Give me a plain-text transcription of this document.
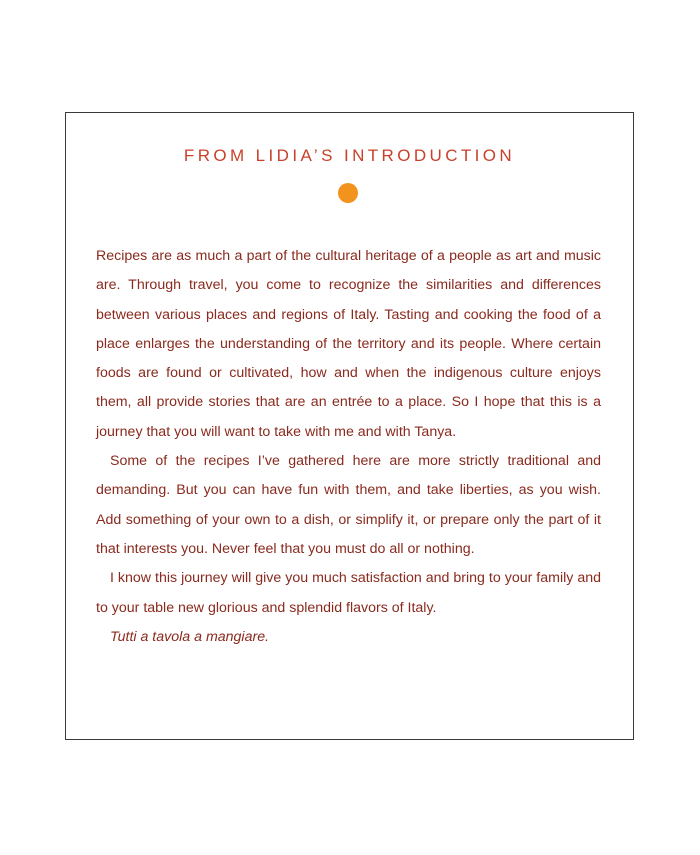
FROM LIDIA’S INTRODUCTION

Recipes are as much a part of the cultural heritage of a people as art and music are. Through travel, you come to recognize the similarities and differences between various places and regions of Italy. Tasting and cooking the food of a place enlarges the understanding of the territory and its people. Where certain foods are found or cultivated, how and when the indigenous culture enjoys them, all provide stories that are an entrée to a place. So I hope that this is a journey that you will want to take with me and with Tanya.

Some of the recipes I’ve gathered here are more strictly traditional and demanding. But you can have fun with them, and take liberties, as you wish. Add something of your own to a dish, or simplify it, or prepare only the part of it that interests you. Never feel that you must do all or nothing.

I know this journey will give you much satisfaction and bring to your family and to your table new glorious and splendid flavors of Italy.

Tutti a tavola a mangiare.
